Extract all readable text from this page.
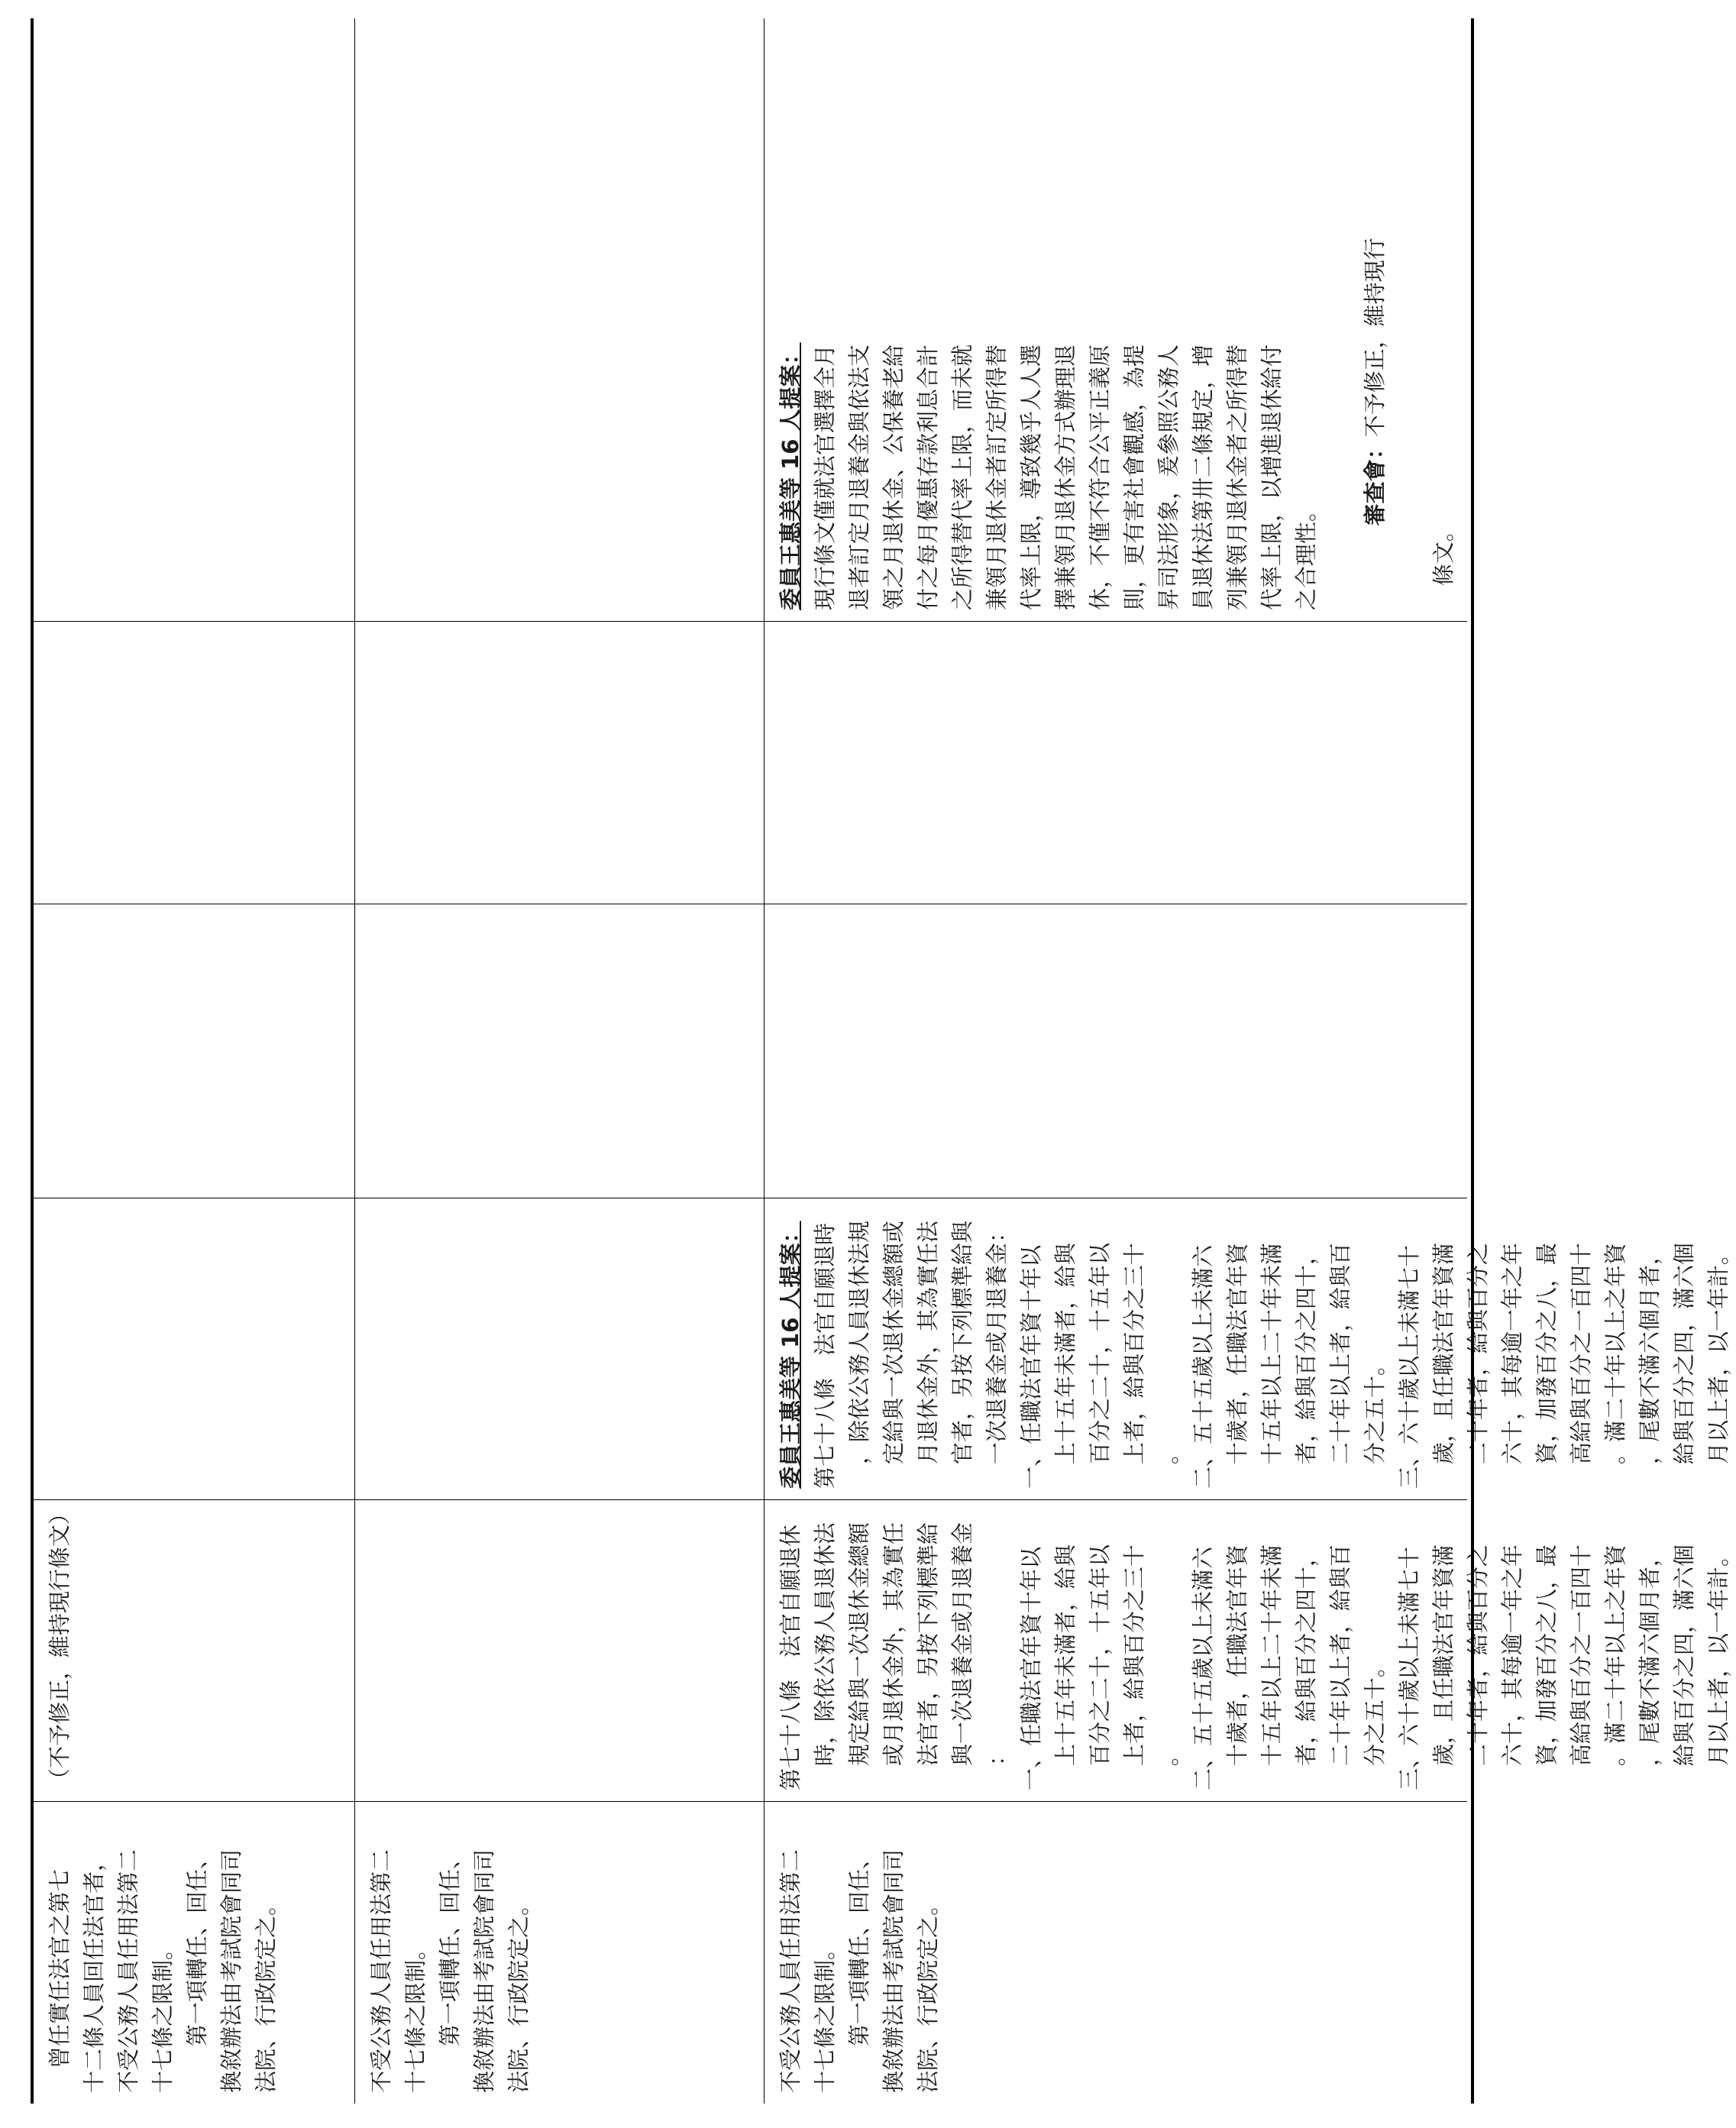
曾任實任法官之第七 十二條人員回任法官者， 不受公務人員任用法第二 十七條之限制。 第一項轉任、回任、 換敘辦法由考試院會同司 法院、行政院定之。
（不予修正，維持現行條文）
不受公務人員任用法第二 十七條之限制。 第一項轉任、回任、 換敘辦法由考試院會同司 法院、行政院定之。	不受公務人員任用法第二 十七條之限制。 第一項轉任、回任、 換敘辦法由考試院會同司 法院、行政院定之。
第七十八條　法官自願退休 時，除依公務人員退休法 規定給與一次退休金總額 或月退休金外，其為實任 法官者，另按下列標準給 與一次退養金或月退養金 ： 一、任職法官年資十年以 上十五年未滿者，給與 百分之二十，十五年以 上者，給與百分之三十 。 二、五十五歲以上未滿六 十歲者，任職法官年資 十五年以上二十年未滿 者，給與百分之四十， 二十年以上者，給與百 分之五十。 三、六十歲以上未滿七十 歲，且任職法官年資滿 二十年者，給與百分之 六十，其每逾一年之年 資，加發百分之八，最 高給與百分之一百四十 。滿二十年以上之年資 ，尾數不滿六個月者， 給與百分之四，滿六個 月以上者，以一年計。
委員王惠美等 16 人提案： 第七十八條　法官自願退時 ，除依公務人員退休法規 定給與一次退休金總額或 月退休金外，其為實任法 官者，另按下列標準給與 一次退養金或月退養金： 一、任職法官年資十年以 上十五年未滿者，給與 百分之二十，十五年以 上者，給與百分之三十 。 二、五十五歲以上未滿六 十歲者，任職法官年資 十五年以上二十年未滿 者，給與百分之四十， 二十年以上者，給與百 分之五十。 三、六十歲以上未滿七十 歲，且任職法官年資滿 二十年者，給與百分之 六十，其每逾一年之年 資，加發百分之八，最 高給與百分之一百四十 。滿二十年以上之年資 ，尾數不滿六個月者， 給與百分之四，滿六個 月以上者，以一年計。
委員王惠美等 16 人提案： 現行條文僅就法官選擇全月 退者訂定月退養金與依法支 領之月退休金、公保養老給 付之每月優惠存款利息合計 之所得替代率上限，而未就 兼領月退休金者訂定所得替 代率上限，導致幾乎人人選 擇兼領月退休金方式辦理退 休，不僅不符合公平正義原 則，更有害社會觀感，為提 昇司法形象，爰參照公務人 員退休法第卅二條規定，增 列兼領月退休金者之所得替 代率上限，以增進退休給付 之合理性。

審查會：不予修正，維持現行

條文。
